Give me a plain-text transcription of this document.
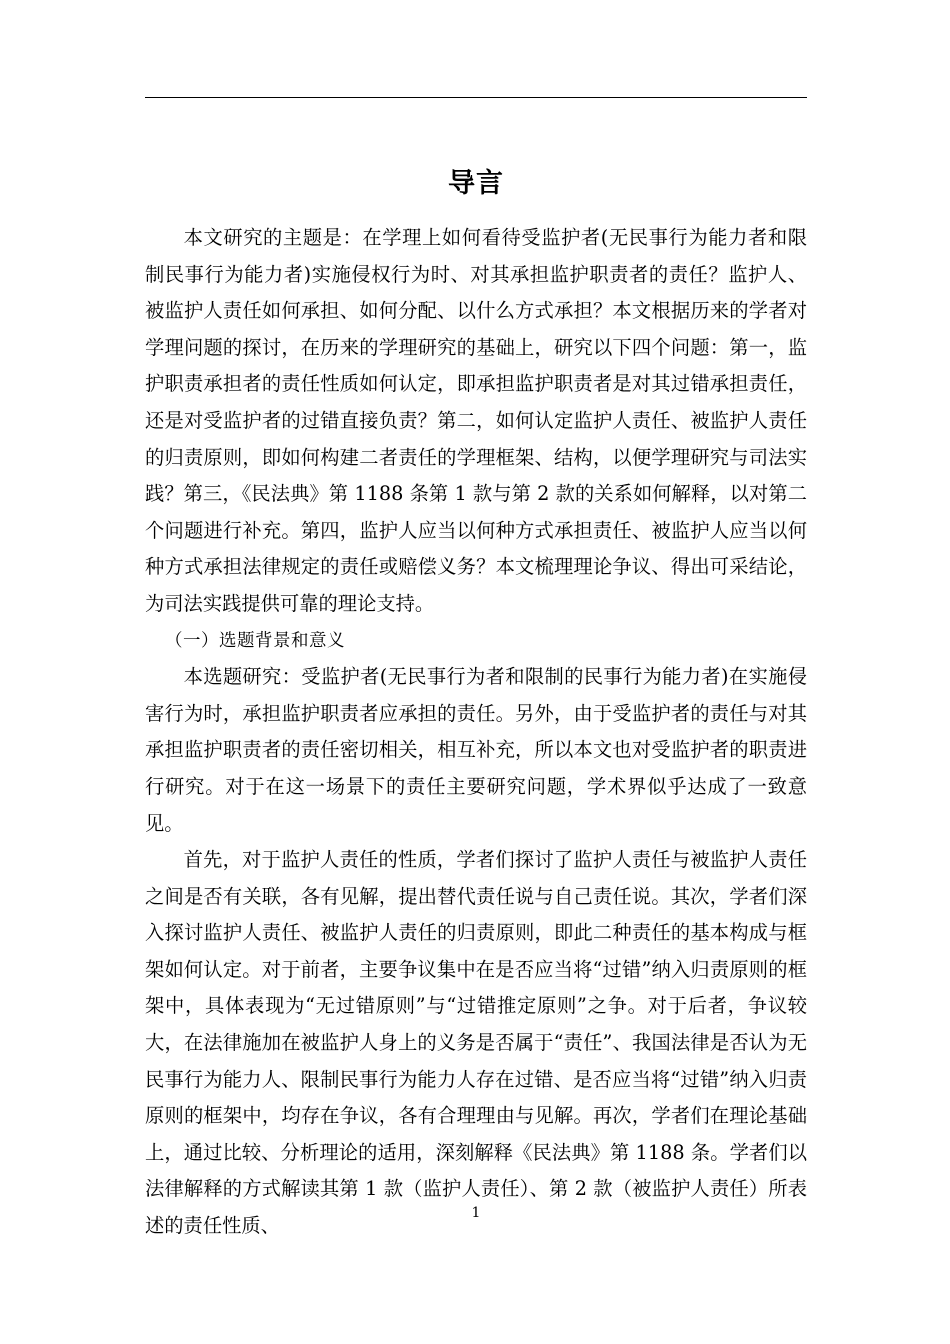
导言

本文研究的主题是：在学理上如何看待受监护者(无民事行为能力者和限制民事行为能力者)实施侵权行为时、对其承担监护职责者的责任？监护人、被监护人责任如何承担、如何分配、以什么方式承担？本文根据历来的学者对学理问题的探讨，在历来的学理研究的基础上，研究以下四个问题：第一，监护职责承担者的责任性质如何认定，即承担监护职责者是对其过错承担责任，还是对受监护者的过错直接负责？第二，如何认定监护人责任、被监护人责任的归责原则，即如何构建二者责任的学理框架、结构，以便学理研究与司法实践？第三，《民法典》第 1188 条第 1 款与第 2 款的关系如何解释，以对第二个问题进行补充。第四，监护人应当以何种方式承担责任、被监护人应当以何种方式承担法律规定的责任或赔偿义务？本文梳理理论争议、得出可采结论，为司法实践提供可靠的理论支持。

（一）选题背景和意义

本选题研究：受监护者(无民事行为者和限制的民事行为能力者)在实施侵害行为时，承担监护职责者应承担的责任。另外，由于受监护者的责任与对其承担监护职责者的责任密切相关，相互补充，所以本文也对受监护者的职责进行研究。对于在这一场景下的责任主要研究问题，学术界似乎达成了一致意见。

首先，对于监护人责任的性质，学者们探讨了监护人责任与被监护人责任之间是否有关联，各有见解，提出替代责任说与自己责任说。其次，学者们深入探讨监护人责任、被监护人责任的归责原则，即此二种责任的基本构成与框架如何认定。对于前者，主要争议集中在是否应当将“过错”纳入归责原则的框架中，具体表现为“无过错原则”与“过错推定原则”之争。对于后者，争议较大，在法律施加在被监护人身上的义务是否属于“责任”、我国法律是否认为无民事行为能力人、限制民事行为能力人存在过错、是否应当将“过错”纳入归责原则的框架中，均存在争议，各有合理理由与见解。再次，学者们在理论基础上，通过比较、分析理论的适用，深刻解释《民法典》第 1188 条。学者们以法律解释的方式解读其第 1 款（监护人责任）、第 2 款（被监护人责任）所表述的责任性质、

1
